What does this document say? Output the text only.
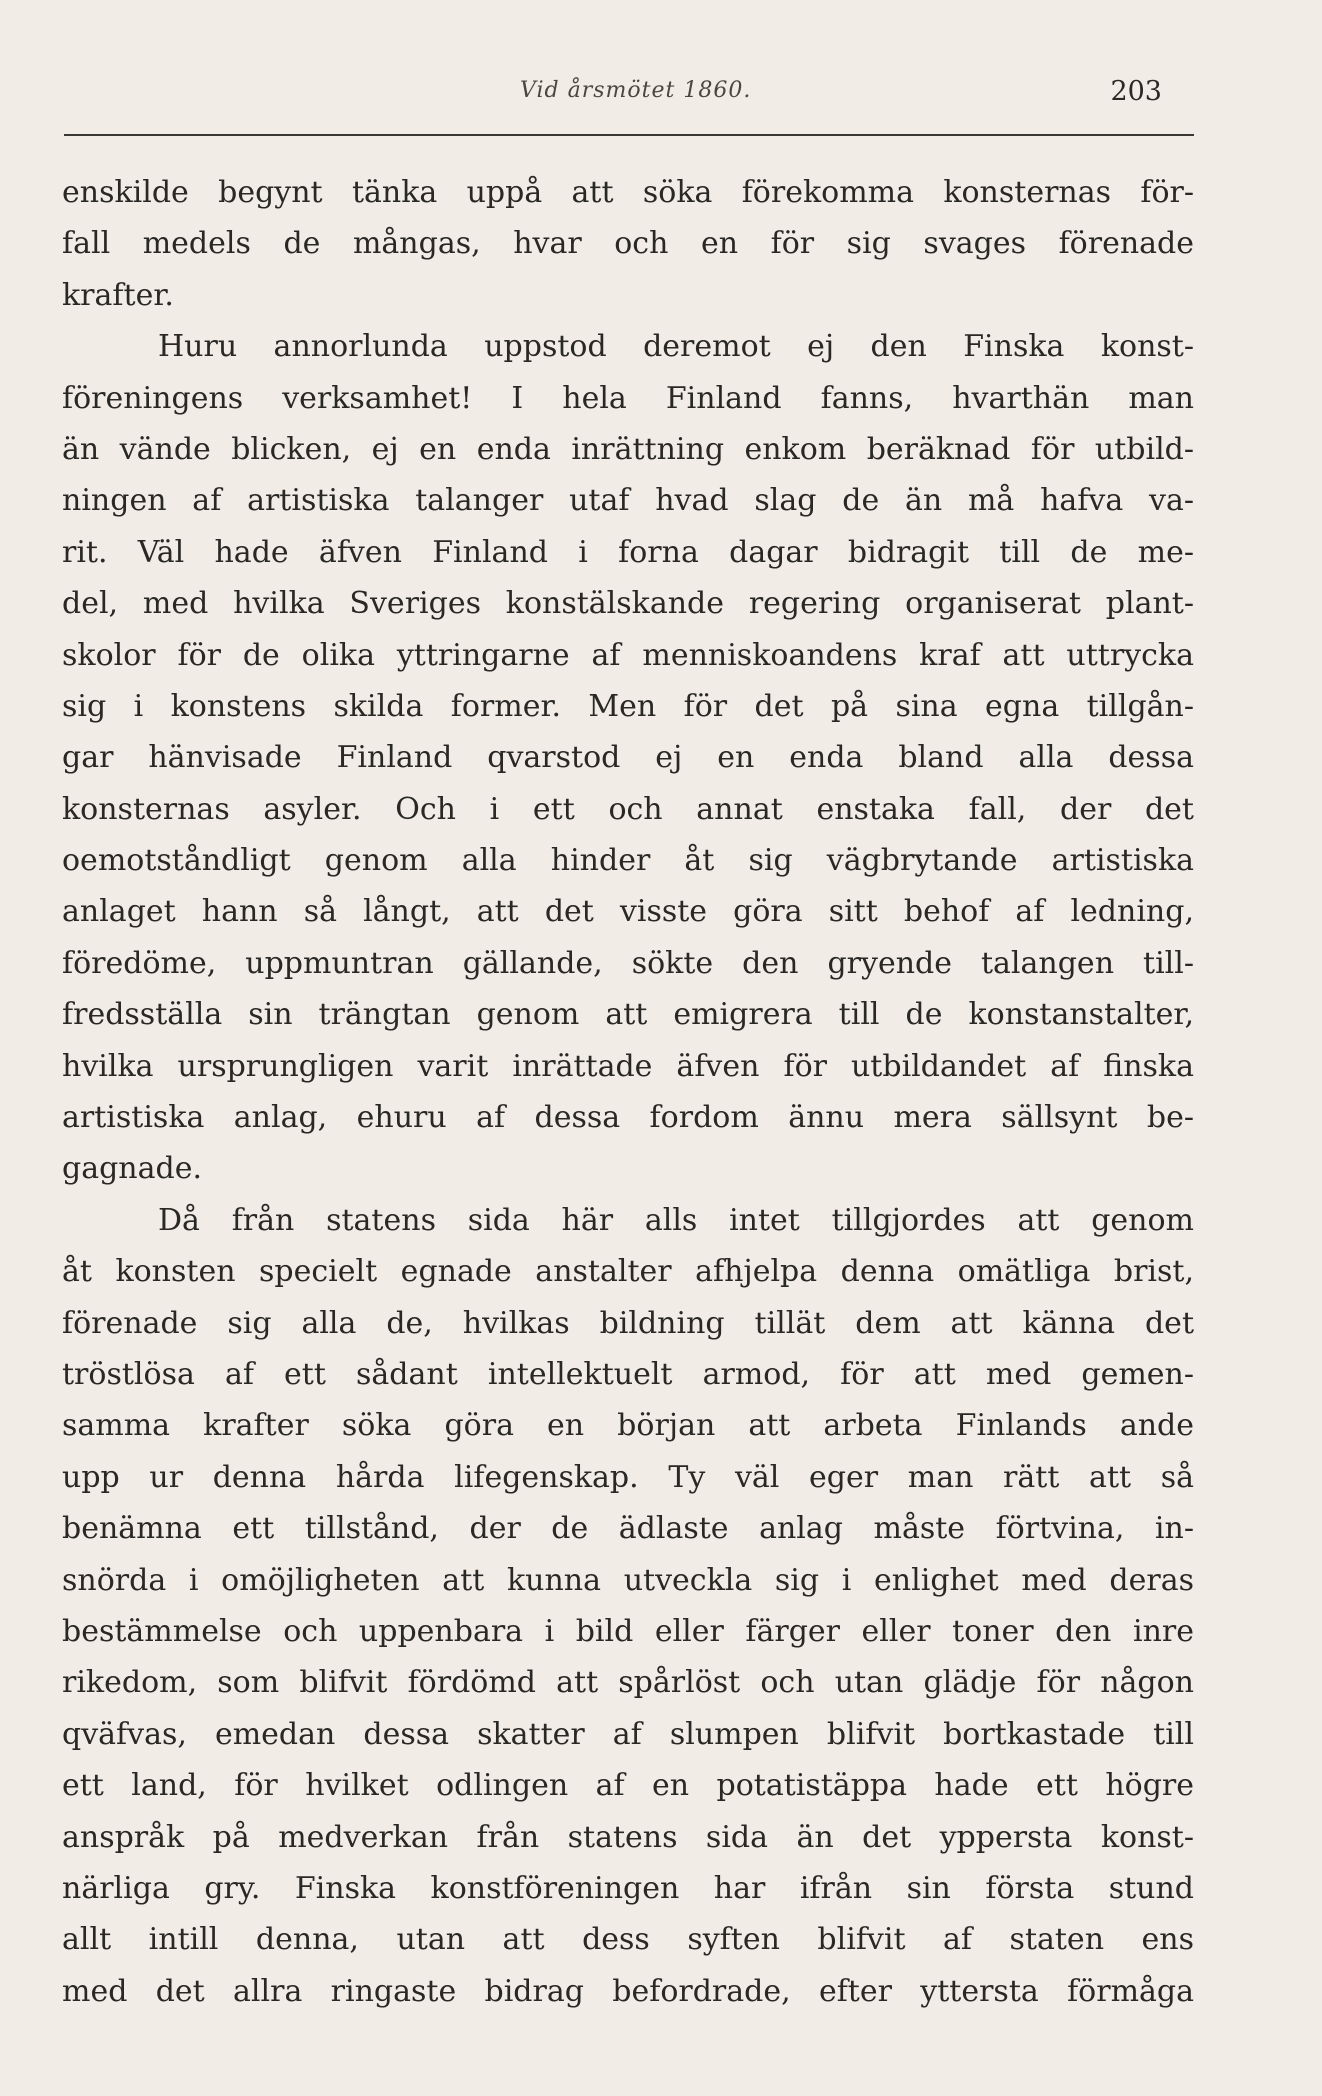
Vid årsmötet 1860.	203
enskilde begynt tänka uppå att söka förekomma konsternas för-
fall medels de mångas, hvar och en för sig svages förenade
krafter.
Huru annorlunda uppstod deremot ej den Finska konst-
föreningens verksamhet! I hela Finland fanns, hvarthän man
än vände blicken, ej en enda inrättning enkom beräknad för utbild-
ningen af artistiska talanger utaf hvad slag de än må hafva va-
rit. Väl hade äfven Finland i forna dagar bidragit till de me-
del, med hvilka Sveriges konstälskande regering organiserat plant-
skolor för de olika yttringarne af menniskoandens kraf att uttrycka
sig i konstens skilda former. Men för det på sina egna tillgån-
gar hänvisade Finland qvarstod ej en enda bland alla dessa
konsternas asyler. Och i ett och annat enstaka fall, der det
oemotståndligt genom alla hinder åt sig vägbrytande artistiska
anlaget hann så långt, att det visste göra sitt behof af ledning,
föredöme, uppmuntran gällande, sökte den gryende talangen till-
fredsställa sin trängtan genom att emigrera till de konstanstalter,
hvilka ursprungligen varit inrättade äfven för utbildandet af finska
artistiska anlag, ehuru af dessa fordom ännu mera sällsynt be-
gagnade.
Då från statens sida här alls intet tillgjordes att genom
åt konsten specielt egnade anstalter afhjelpa denna omätliga brist,
förenade sig alla de, hvilkas bildning tillät dem att känna det
tröstlösa af ett sådant intellektuelt armod, för att med gemen-
samma krafter söka göra en början att arbeta Finlands ande
upp ur denna hårda lifegenskap. Ty väl eger man rätt att så
benämna ett tillstånd, der de ädlaste anlag måste förtvina, in-
snörda i omöjligheten att kunna utveckla sig i enlighet med deras
bestämmelse och uppenbara i bild eller färger eller toner den inre
rikedom, som blifvit fördömd att spårlöst och utan glädje för någon
qväfvas, emedan dessa skatter af slumpen blifvit bortkastade till
ett land, för hvilket odlingen af en potatistäppa hade ett högre
anspråk på medverkan från statens sida än det yppersta konst-
närliga gry. Finska konstföreningen har ifrån sin första stund
allt intill denna, utan att dess syften blifvit af staten ens
med det allra ringaste bidrag befordrade, efter yttersta förmåga
